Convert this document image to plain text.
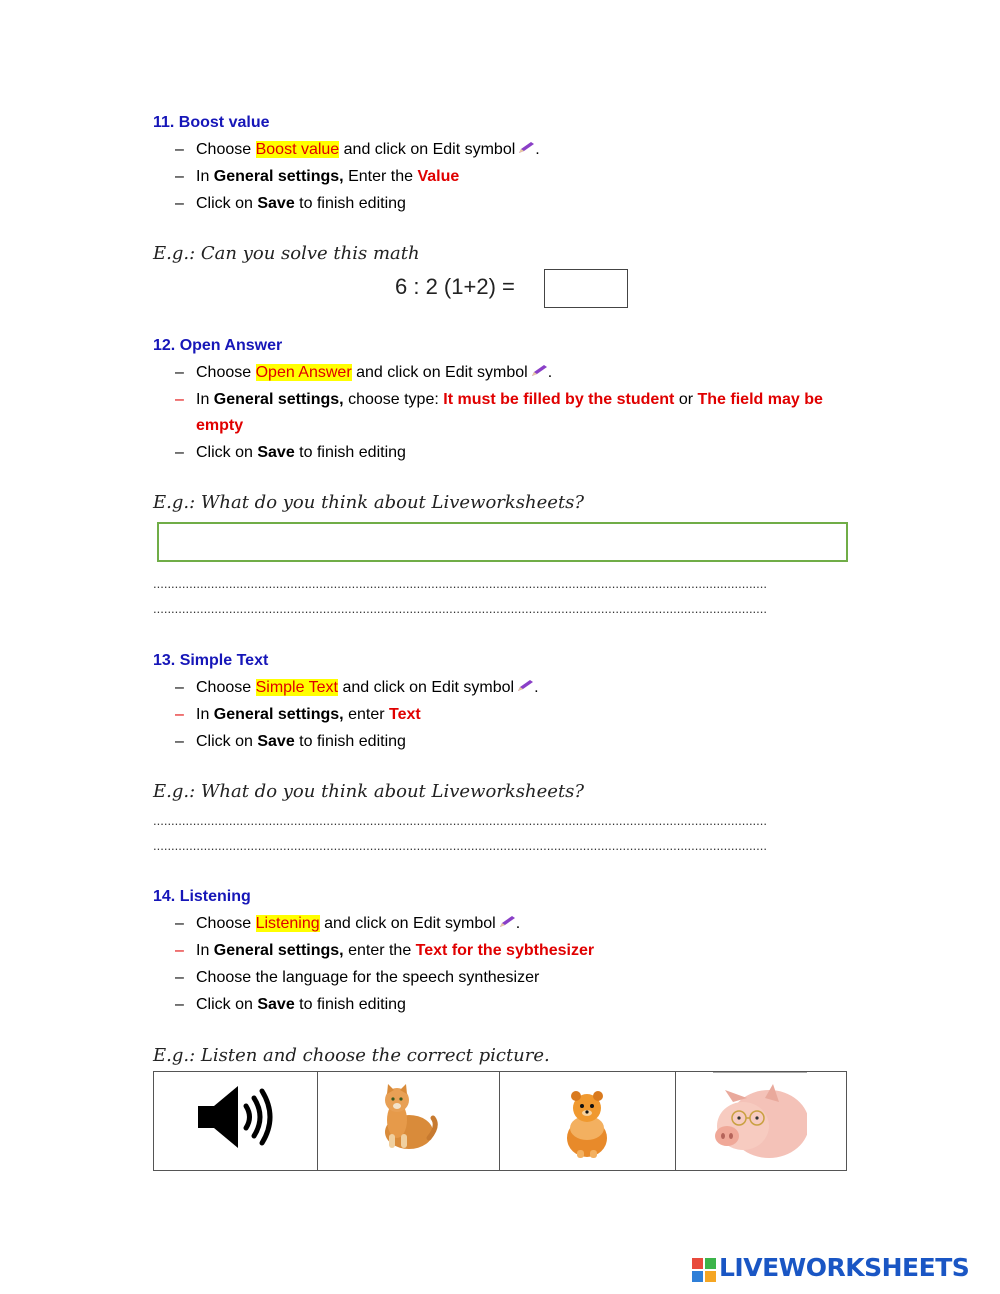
11. Boost value
– Choose Boost value and click on Edit symbol .
– In General settings, Enter the Value
– Click on Save to finish editing
E.g.: Can you solve this math
6 : 2 (1+2) =
12. Open Answer
– Choose Open Answer and click on Edit symbol .
– In General settings, choose type: It must be filled by the student or The field may be
empty
– Click on Save to finish editing
E.g.: What do you think about Liveworksheets?
..........................................................................................................................................................................
..........................................................................................................................................................................
13. Simple Text
– Choose Simple Text and click on Edit symbol .
– In General settings, enter Text
– Click on Save to finish editing
E.g.: What do you think about Liveworksheets?
..........................................................................................................................................................................
..........................................................................................................................................................................
14. Listening
– Choose Listening and click on Edit symbol .
– In General settings, enter the Text for the sybthesizer
– Choose the language for the speech synthesizer
– Click on Save to finish editing
E.g.: Listen and choose the correct picture.
LIVEWORKSHEETS
